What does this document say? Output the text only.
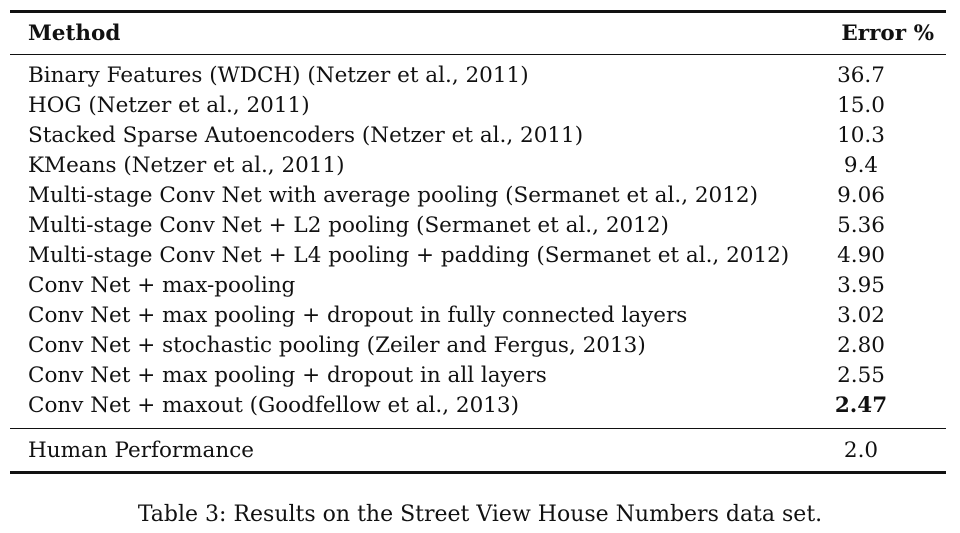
Method	Error %
Binary Features (WDCH) (Netzer et al., 2011)	36.7
HOG (Netzer et al., 2011)	15.0
Stacked Sparse Autoencoders (Netzer et al., 2011)	10.3
KMeans (Netzer et al., 2011)	9.4
Multi-stage Conv Net with average pooling (Sermanet et al., 2012)	9.06
Multi-stage Conv Net + L2 pooling (Sermanet et al., 2012)	5.36
Multi-stage Conv Net + L4 pooling + padding (Sermanet et al., 2012)	4.90
Conv Net + max-pooling	3.95
Conv Net + max pooling + dropout in fully connected layers	3.02
Conv Net + stochastic pooling (Zeiler and Fergus, 2013)	2.80
Conv Net + max pooling + dropout in all layers	2.55
Conv Net + maxout (Goodfellow et al., 2013)	2.47
Human Performance	2.0
Table 3: Results on the Street View House Numbers data set.
